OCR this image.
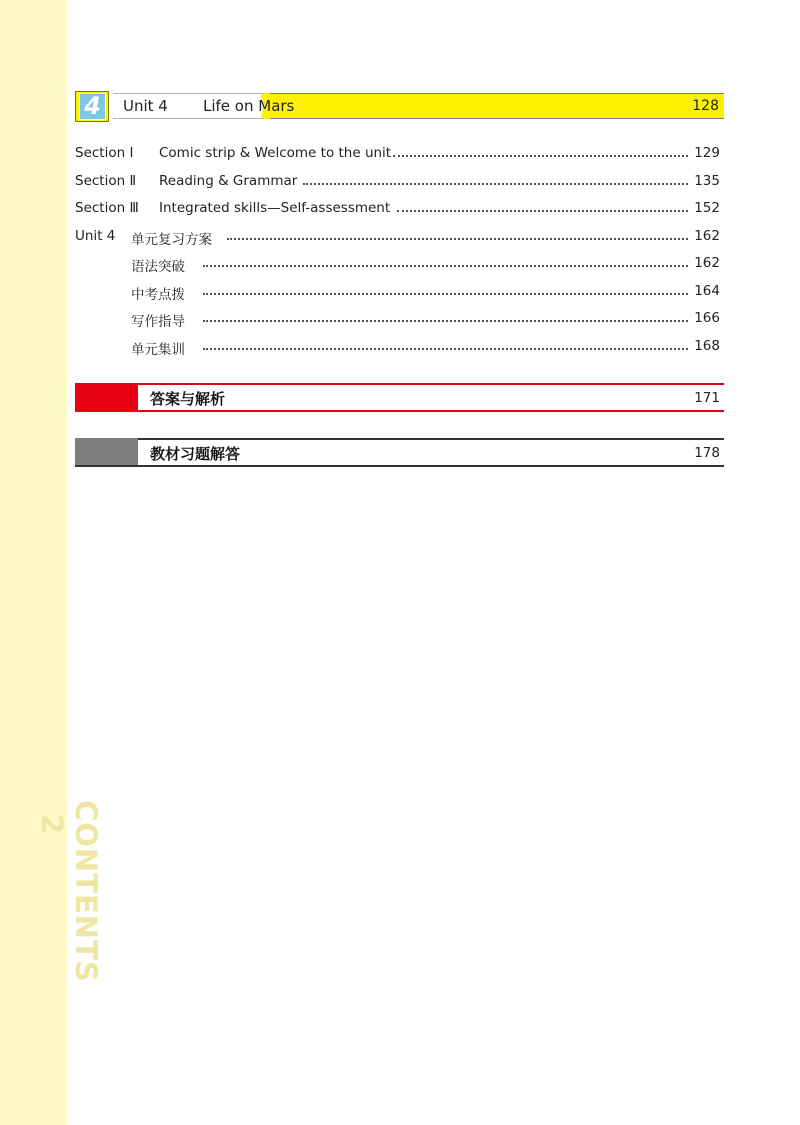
CONTENTS
2
4	Unit 4 Life on Mars	128
Section Ⅰ Comic strip & Welcome to the unit	129
Section Ⅱ Reading & Grammar	135
Section Ⅲ Integrated skills—Self-assessment	152
Unit 4 单元复习方案	162
语法突破	162
中考点拨	164
写作指导	166
单元集训	168
答案与解析	171
教材习题解答	178
